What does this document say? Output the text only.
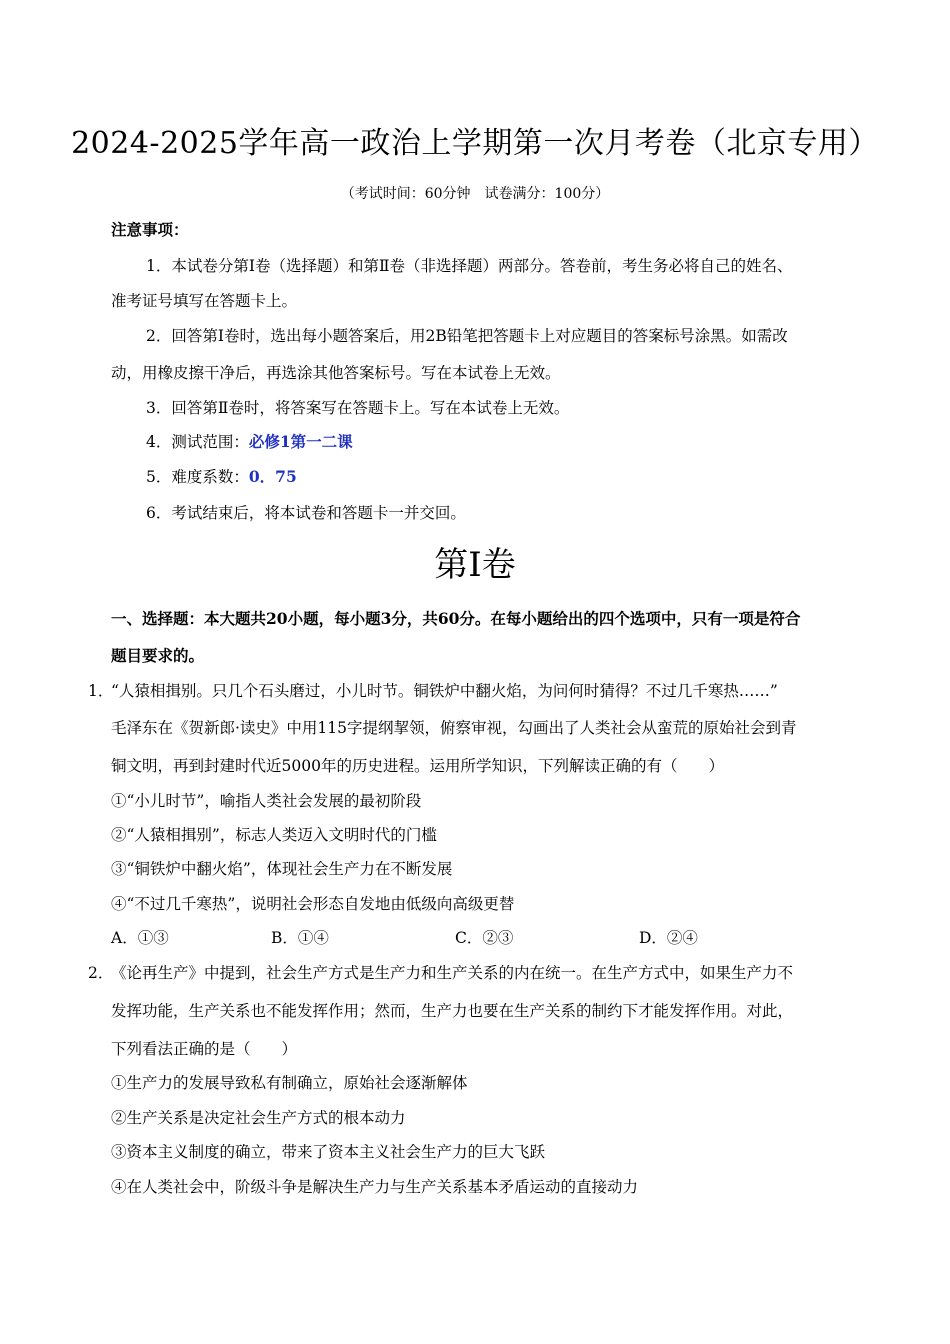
2024-2025学年高一政治上学期第一次月考卷（北京专用）
（考试时间：60分钟　试卷满分：100分）
注意事项：
1．本试卷分第Ⅰ卷（选择题）和第Ⅱ卷（非选择题）两部分。答卷前，考生务必将自己的姓名、
准考证号填写在答题卡上。
2．回答第Ⅰ卷时，选出每小题答案后，用2B铅笔把答题卡上对应题目的答案标号涂黑。如需改
动，用橡皮擦干净后，再选涂其他答案标号。写在本试卷上无效。
3．回答第Ⅱ卷时，将答案写在答题卡上。写在本试卷上无效。
4．测试范围：必修1第一二课
5．难度系数：0．75
6．考试结束后，将本试卷和答题卡一并交回。
第Ⅰ卷
一、选择题：本大题共20小题，每小题3分，共60分。在每小题给出的四个选项中，只有一项是符合
题目要求的。
1．
“人猿相揖别。只几个石头磨过，小儿时节。铜铁炉中翻火焰，为问何时猜得？不过几千寒热……”
毛泽东在《贺新郎·读史》中用115字提纲挈领，俯察审视，勾画出了人类社会从蛮荒的原始社会到青
铜文明，再到封建时代近5000年的历史进程。运用所学知识，下列解读正确的有（　　）
①“小儿时节”，喻指人类社会发展的最初阶段
②“人猿相揖别”，标志人类迈入文明时代的门槛
③“铜铁炉中翻火焰”，体现社会生产力在不断发展
④“不过几千寒热”，说明社会形态自发地由低级向高级更替
A．①③	B．①④	C．②③	D．②④
2．
《论再生产》中提到，社会生产方式是生产力和生产关系的内在统一。在生产方式中，如果生产力不
发挥功能，生产关系也不能发挥作用；然而，生产力也要在生产关系的制约下才能发挥作用。对此，
下列看法正确的是（　　）
①生产力的发展导致私有制确立，原始社会逐渐解体
②生产关系是决定社会生产方式的根本动力
③资本主义制度的确立，带来了资本主义社会生产力的巨大飞跃
④在人类社会中，阶级斗争是解决生产力与生产关系基本矛盾运动的直接动力
